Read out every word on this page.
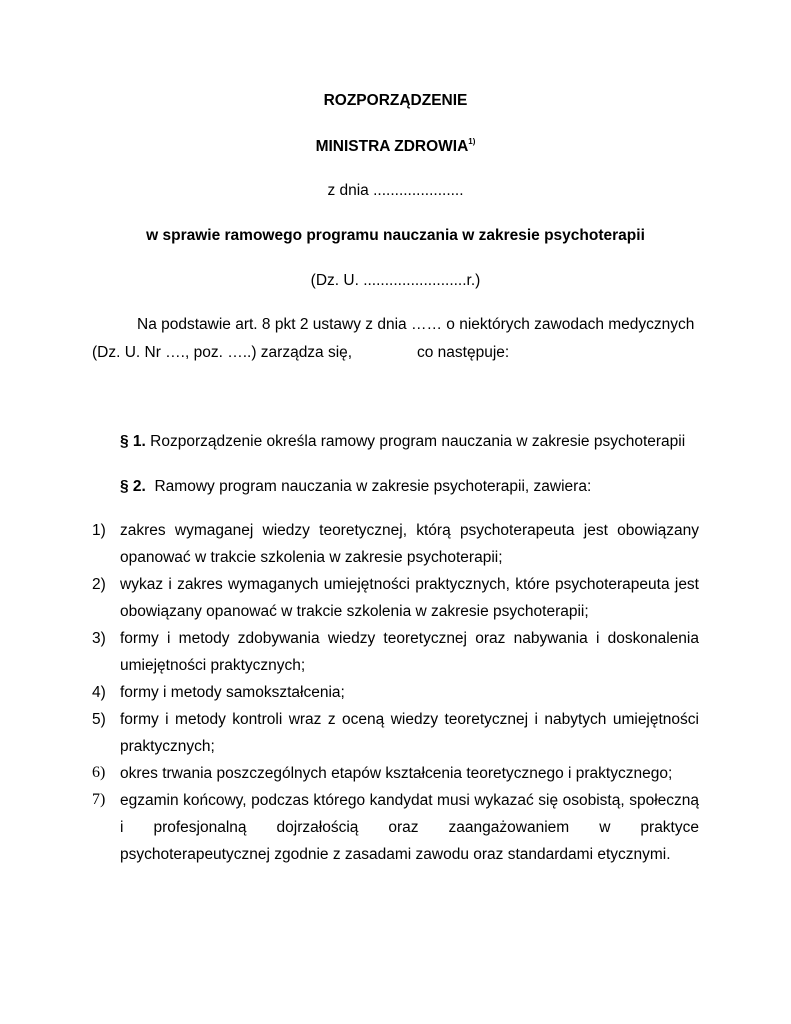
ROZPORZĄDZENIE
MINISTRA ZDROWIA$^{1)}$
z dnia .....................
w sprawie ramowego programu nauczania w zakresie psychoterapii
(Dz. U. ........................r.)
Na podstawie art. 8 pkt 2 ustawy z dnia …… o niektórych zawodach medycznych
(Dz. U. Nr …., poz. …..) zarządza się,	co następuje:
§ 1. Rozporządzenie określa ramowy program nauczania w zakresie psychoterapii
§ 2. Ramowy program nauczania w zakresie psychoterapii, zawiera:
1) zakres wymaganej wiedzy teoretycznej, którą psychoterapeuta jest obowiązany
opanować w trakcie szkolenia w zakresie psychoterapii;
2) wykaz i zakres wymaganych umiejętności praktycznych, które psychoterapeuta jest
obowiązany opanować w trakcie szkolenia w zakresie psychoterapii;
3) formy i metody zdobywania wiedzy teoretycznej oraz nabywania i doskonalenia
umiejętności praktycznych;
4) formy i metody samokształcenia;
5) formy i metody kontroli wraz z oceną wiedzy teoretycznej i nabytych umiejętności
praktycznych;
6) okres trwania poszczególnych etapów kształcenia teoretycznego i praktycznego;
7) egzamin końcowy, podczas którego kandydat musi wykazać się osobistą, społeczną
i profesjonalną dojrzałością oraz zaangażowaniem w praktyce
psychoterapeutycznej zgodnie z zasadami zawodu oraz standardami etycznymi.
